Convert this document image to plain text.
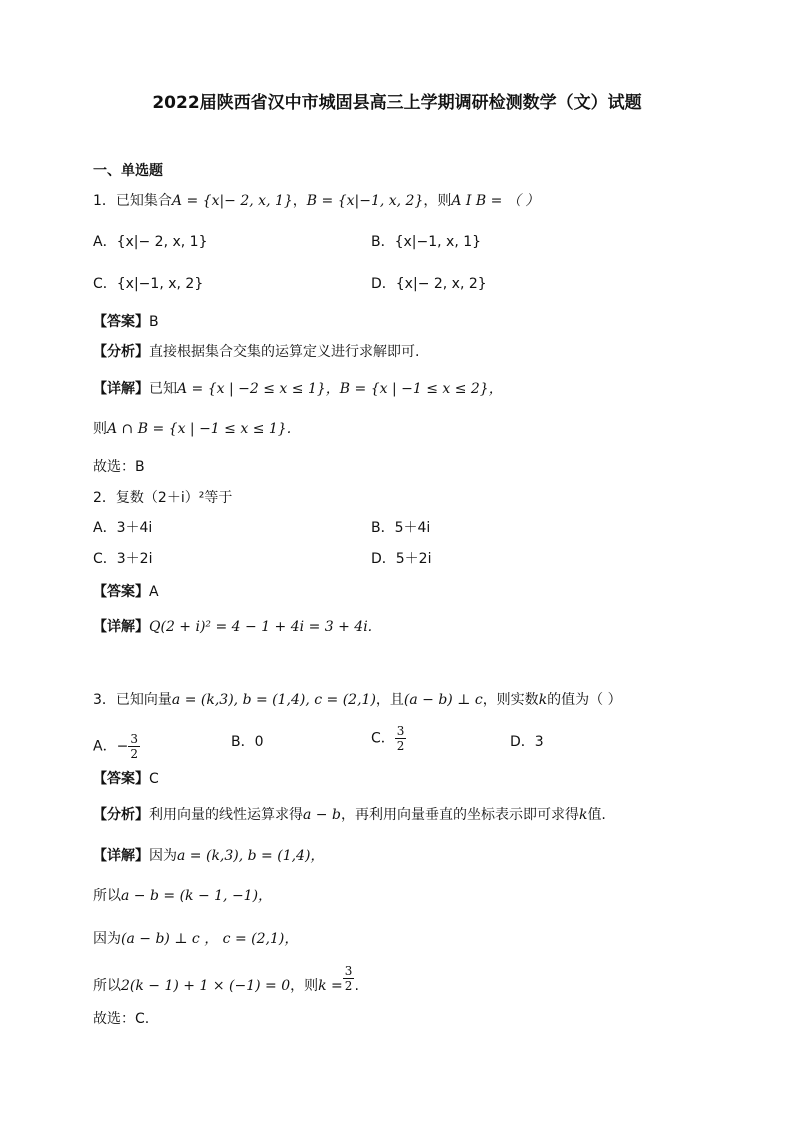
2022届陕西省汉中市城固县高三上学期调研检测数学（文）试题
一、单选题
1．已知集合A = {x|− 2, x, 1}，B = {x|−1, x, 2}，则A I B = （ ）
A．{x|− 2, x, 1}	B．{x|−1, x, 1}
C．{x|−1, x, 2}	D．{x|− 2, x, 2}
【答案】B
【分析】直接根据集合交集的运算定义进行求解即可.
【详解】已知A = {x | −2 ≤ x ≤ 1}，B = {x | −1 ≤ x ≤ 2}，
则A ∩ B = {x | −1 ≤ x ≤ 1}.
故选：B
2．复数（2＋i）²等于
A．3＋4i	B．5＋4i
C．3＋2i	D．5＋2i
【答案】A
【详解】Q(2 + i)² = 4 − 1 + 4i = 3 + 4i.
3．已知向量a = (k,3), b = (1,4), c = (2,1)，且(a − b) ⊥ c，则实数k的值为（ ）
A．− $\frac{3}{2}$	B．0	C． $\frac{3}{2}$	D．3
【答案】C
【分析】利用向量的线性运算求得a − b，再利用向量垂直的坐标表示即可求得k值.
【详解】因为a = (k,3), b = (1,4)，
所以a − b = (k − 1, −1)，
因为(a − b) ⊥ c ， c = (2,1)，
所以2(k − 1) + 1 × (−1) = 0，则$k = \frac{3}{2}$ .
故选：C.
